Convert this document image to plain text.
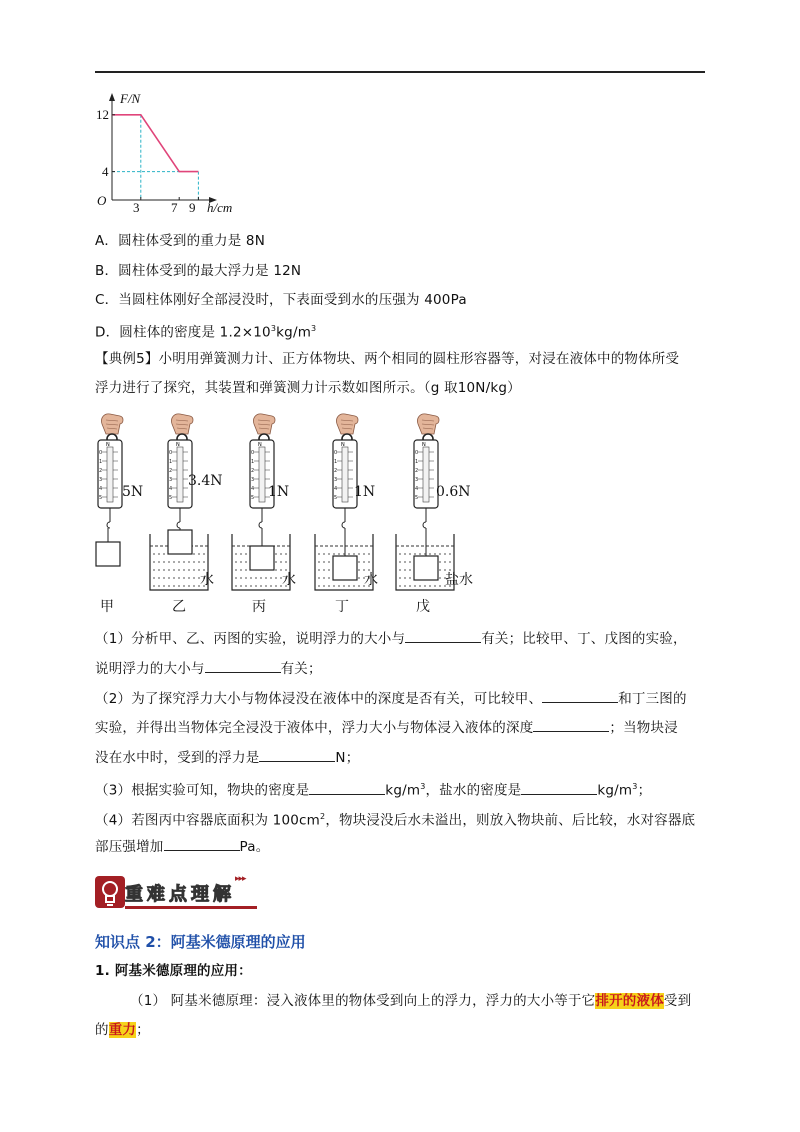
F/N
h/cm
O
12
4
3 7 9
A．圆柱体受到的重力是 8N
B．圆柱体受到的最大浮力是 12N
C．当圆柱体刚好全部浸没时，下表面受到水的压强为 400Pa
D．圆柱体的密度是 $1.2\times 10^3kg/m^3$
【典例5】小明用弹簧测力计、正方体物块、两个相同的圆柱形容器等，对浸在液体中的物体所受
浮力进行了探究，其装置和弹簧测力计示数如图所示。（g 取10N/kg）
N
0
1
2
3
4
5
5N
3.4N
1N	1N	0.6N
水	水	水	盐水
甲	乙	丙	丁	戊
（1）分析甲、乙、丙图的实验，说明浮力的大小与	有关；比较甲、丁、戊图的实验，
说明浮力的大小与	有关；
（2）为了探究浮力大小与物体浸没在液体中的深度是否有关，可比较甲、	和丁三图的
实验，并得出当物体完全浸没于液体中，浮力大小与物体浸入液体的深度	；当物块浸
没在水中时，受到的浮力是	N；
（3）根据实验可知，物块的密度是	$kg/m^3$，盐水的密度是	$kg/m^3$；
（4）若图丙中容器底面积为 $100cm^2$，物块浸没后水未溢出，则放入物块前、后比较，水对容器底
部压强增加	Pa。
重难点理解
▸▸▸
知识点 2：阿基米德原理的应用
1. 阿基米德原理的应用：
（1） 阿基米德原理：浸入液体里的物体受到向上的浮力，浮力的大小等于它排开的液体受到
的重力；
